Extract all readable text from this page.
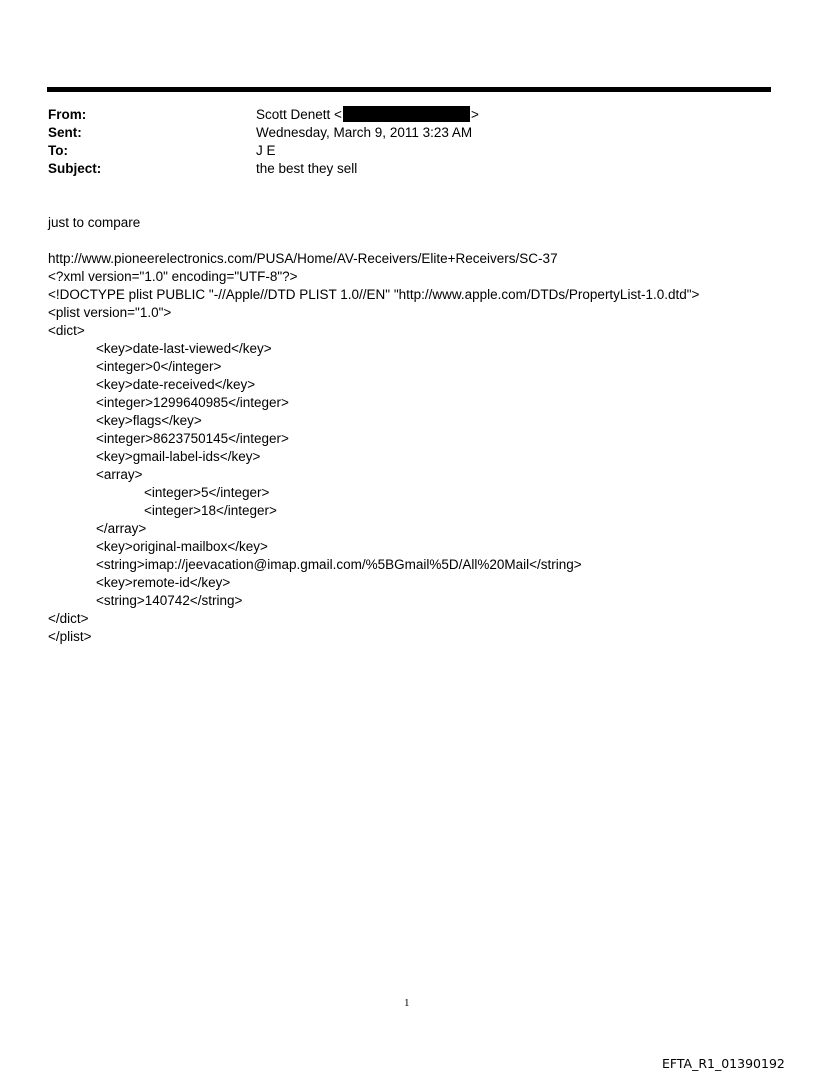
From:	Scott Denett <	>
Sent:	Wednesday, March 9, 2011 3:23 AM
To:	J E
Subject:	the best they sell
just to compare
http://www.pioneerelectronics.com/PUSA/Home/AV-Receivers/Elite+Receivers/SC-37
<?xml version="1.0" encoding="UTF-8"?>
<!DOCTYPE plist PUBLIC "-//Apple//DTD PLIST 1.0//EN" "http://www.apple.com/DTDs/PropertyList-1.0.dtd">
<plist version="1.0">
<dict>
<key>date-last-viewed</key>
<integer>0</integer>
<key>date-received</key>
<integer>1299640985</integer>
<key>flags</key>
<integer>8623750145</integer>
<key>gmail-label-ids</key>
<array>
<integer>5</integer>
<integer>18</integer>
</array>
<key>original-mailbox</key>
<string>imap://jeevacation@imap.gmail.com/%5BGmail%5D/All%20Mail</string>
<key>remote-id</key>
<string>140742</string>
</dict>
</plist>
1
EFTA_R1_01390192
